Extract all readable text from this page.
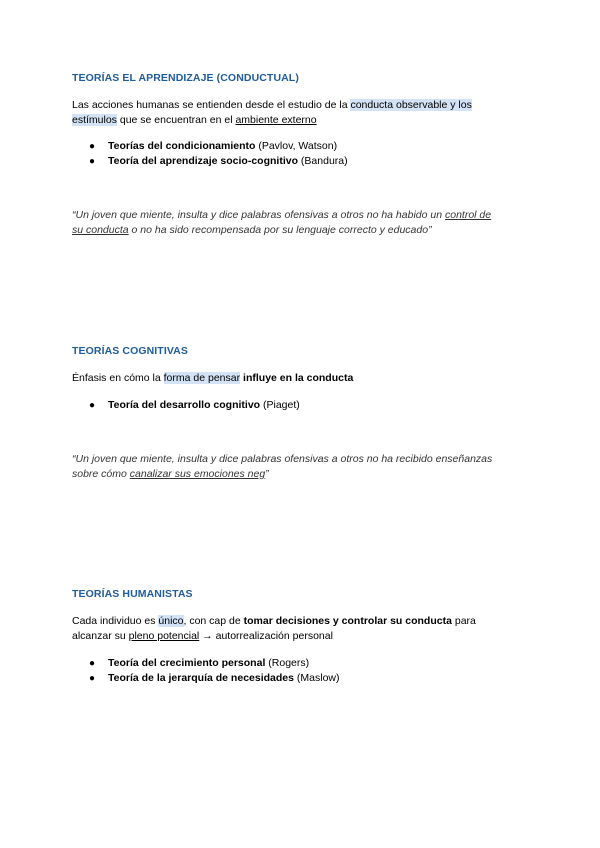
TEORÍAS EL APRENDIZAJE (CONDUCTUAL)

Las acciones humanas se entienden desde el estudio de la conducta observable y los
estímulos que se encuentran en el ambiente externo

● Teorías del condicionamiento (Pavlov, Watson)
● Teoría del aprendizaje socio-cognitivo (Bandura)

“Un joven que miente, insulta y dice palabras ofensivas a otros no ha habido un control de
su conducta o no ha sido recompensada por su lenguaje correcto y educado”

TEORÍAS COGNITIVAS

Énfasis en cómo la forma de pensar influye en la conducta

● Teoría del desarrollo cognitivo (Piaget)

“Un joven que miente, insulta y dice palabras ofensivas a otros no ha recibido enseñanzas
sobre cómo canalizar sus emociones neg”

TEORÍAS HUMANISTAS

Cada individuo es único, con cap de tomar decisiones y controlar su conducta para
alcanzar su pleno potencial → autorrealización personal

● Teoría del crecimiento personal (Rogers)
● Teoría de la jerarquía de necesidades (Maslow)
